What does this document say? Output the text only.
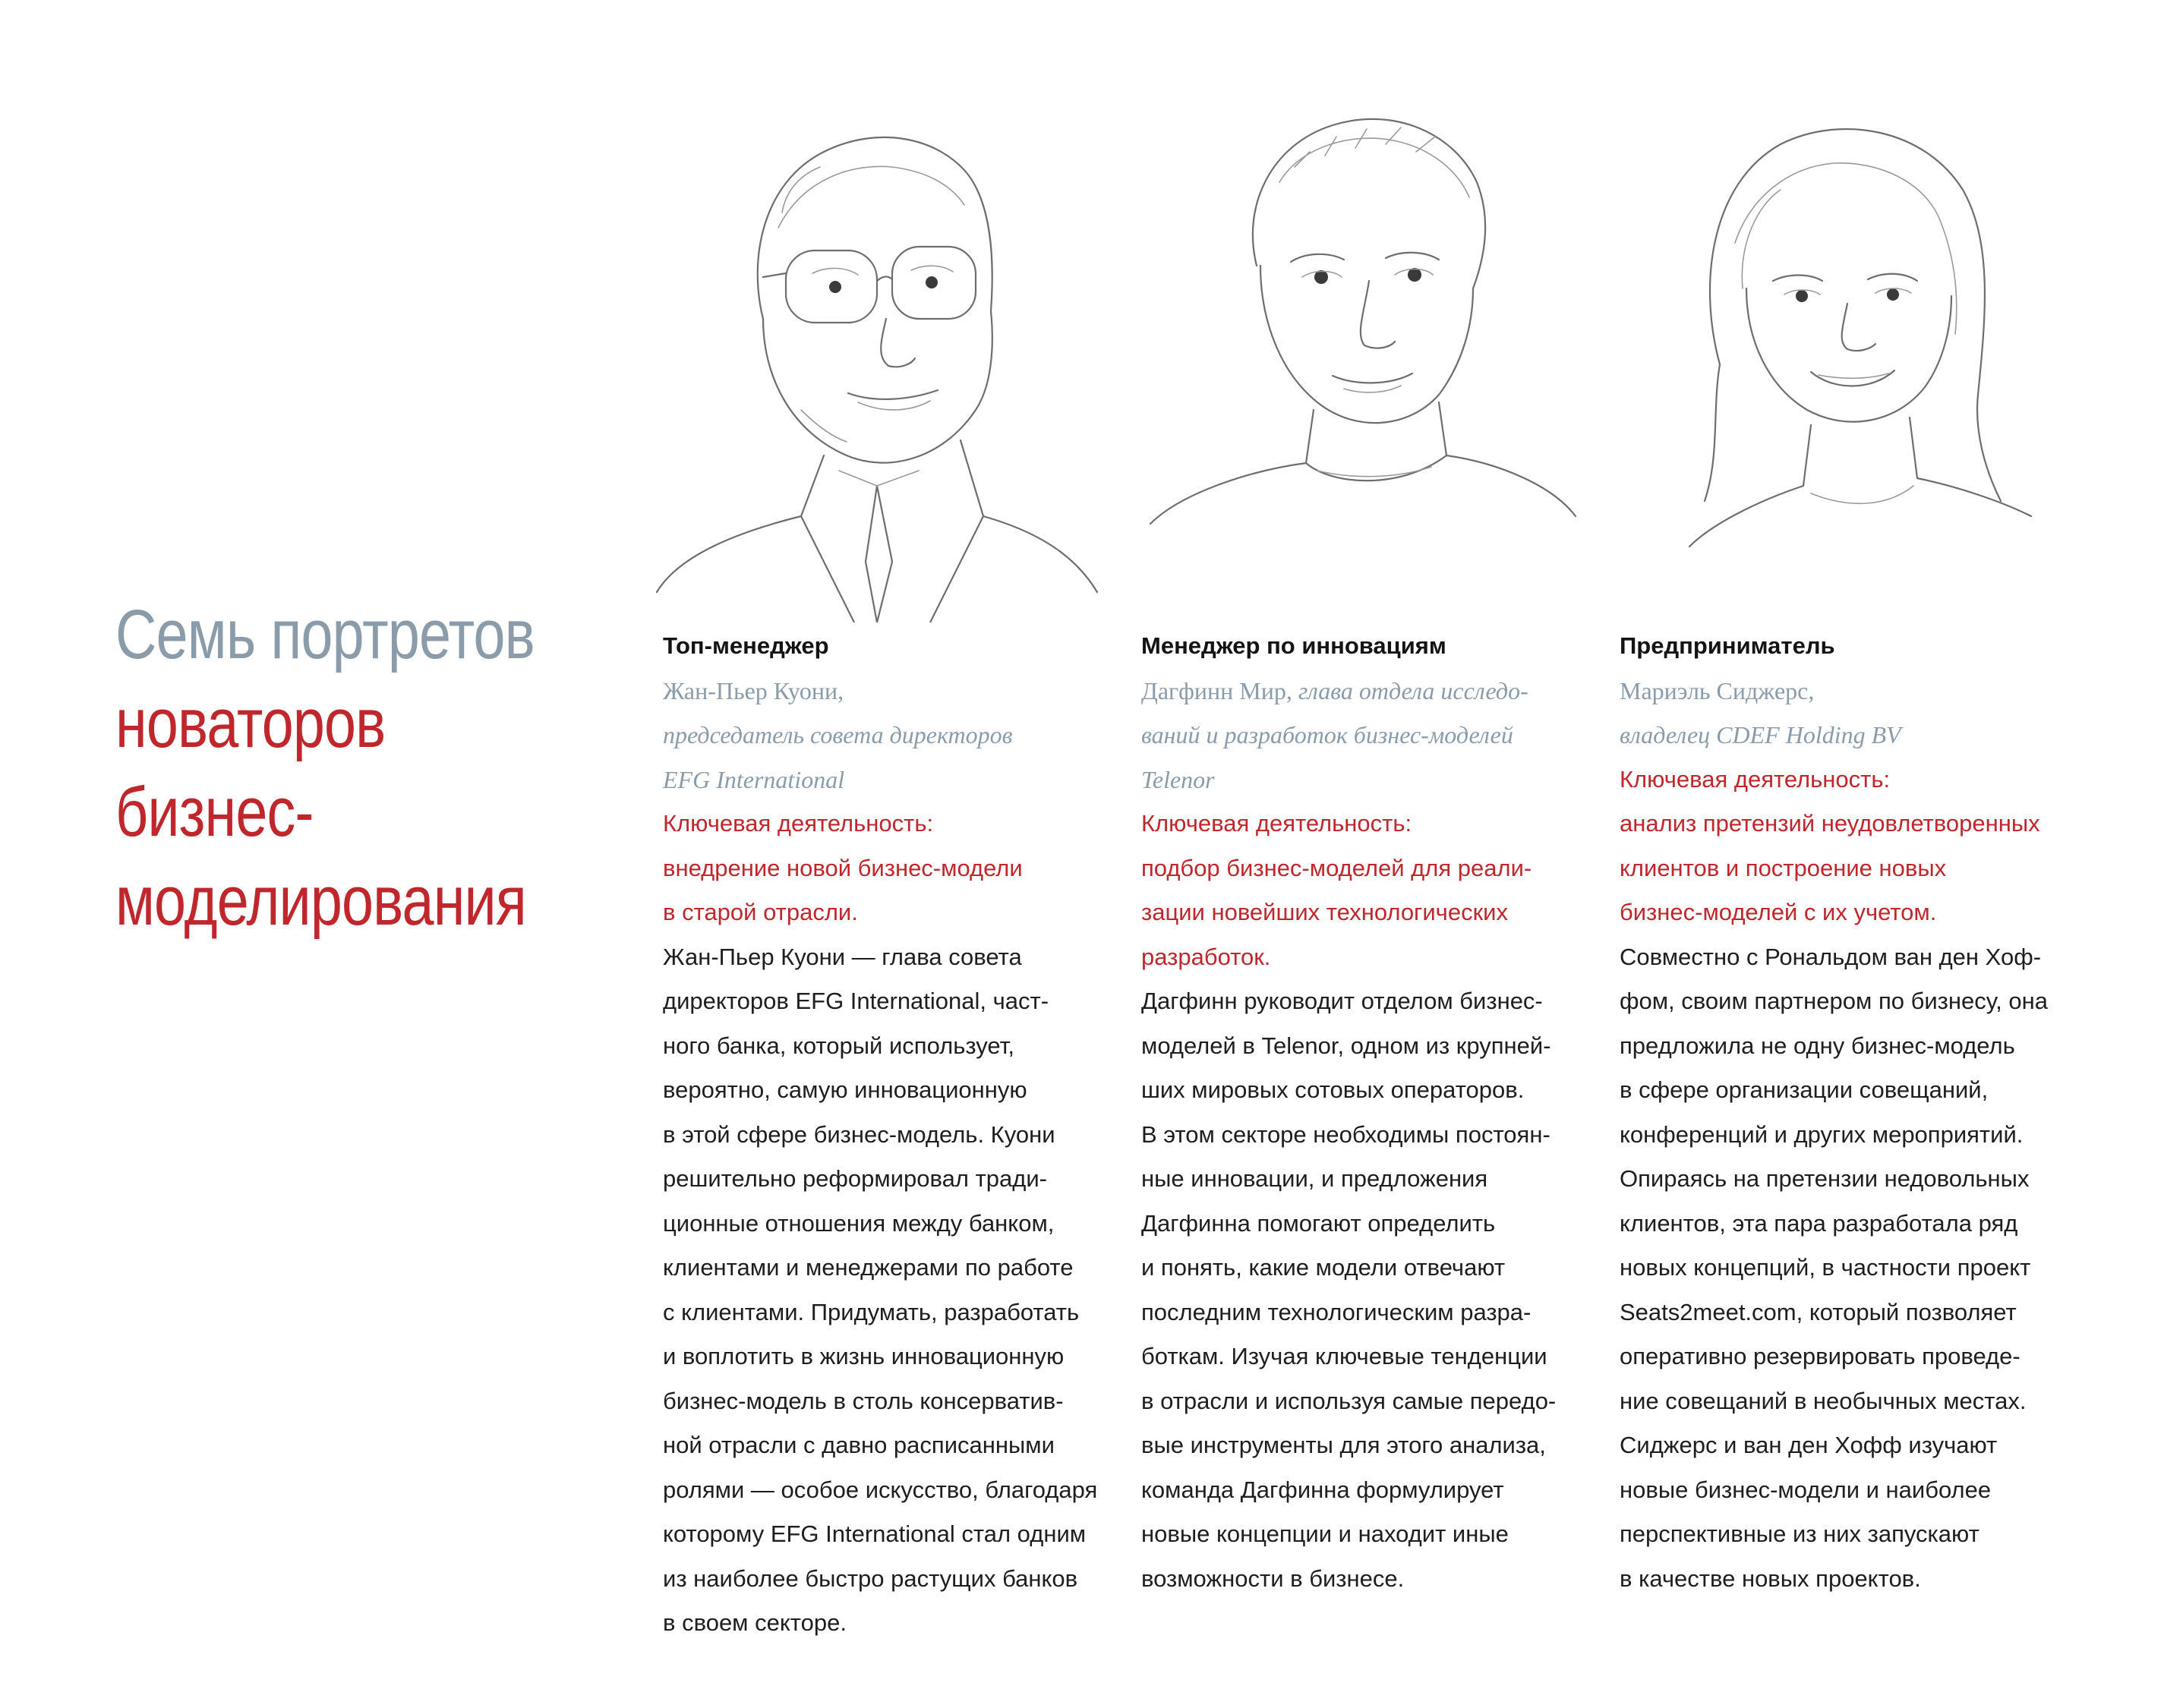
Семь портретов
новаторов
бизнес-
моделирования
Топ-менеджер
Жан-Пьер Куони,
председатель совета директоров
EFG International
Ключевая деятельность:
внедрение новой бизнес-модели
в старой отрасли.
Жан-Пьер Куони — глава совета
директоров EFG International, част-
ного банка, который использует,
вероятно, самую инновационную
в этой сфере бизнес-модель. Куони
решительно реформировал тради-
ционные отношения между банком,
клиентами и менеджерами по работе
с клиентами. Придумать, разработать
и воплотить в жизнь инновационную
бизнес-модель в столь консерватив-
ной отрасли с давно расписанными
ролями — особое искусство, благодаря
которому EFG International стал одним
из наиболее быстро растущих банков
в своем секторе.
Менеджер по инновациям
Дагфинн Мир, глава отдела исследо-
ваний и разработок бизнес-моделей
Telenor
Ключевая деятельность:
подбор бизнес-моделей для реали-
зации новейших технологических
разработок.
Дагфинн руководит отделом бизнес-
моделей в Telenor, одном из крупней-
ших мировых сотовых операторов.
В этом секторе необходимы постоян-
ные инновации, и предложения
Дагфинна помогают определить
и понять, какие модели отвечают
последним технологическим разра-
боткам. Изучая ключевые тенденции
в отрасли и используя самые передо-
вые инструменты для этого анализа,
команда Дагфинна формулирует
новые концепции и находит иные
возможности в бизнесе.
Предприниматель
Мариэль Сиджерс,
владелец CDEF Holding BV
Ключевая деятельность:
анализ претензий неудовлетворенных
клиентов и построение новых
бизнес-моделей с их учетом.
Совместно с Рональдом ван ден Хоф-
фом, своим партнером по бизнесу, она
предложила не одну бизнес-модель
в сфере организации совещаний,
конференций и других мероприятий.
Опираясь на претензии недовольных
клиентов, эта пара разработала ряд
новых концепций, в частности проект
Seats2meet.com, который позволяет
оперативно резервировать проведе-
ние совещаний в необычных местах.
Сиджерс и ван ден Хофф изучают
новые бизнес-модели и наиболее
перспективные из них запускают
в качестве новых проектов.
